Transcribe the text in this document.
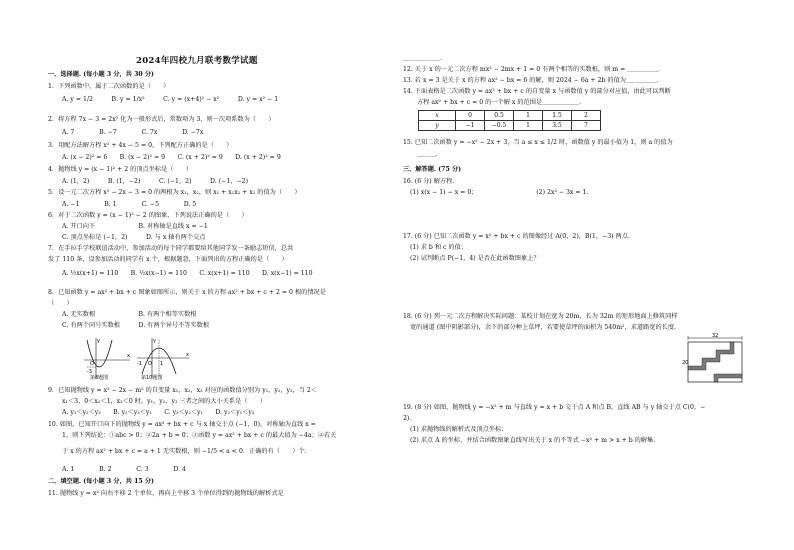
2024年四校九月联考数学试题
一、选择题. (每小题 3 分，共 30 分)
1．下列函数中，属于二次函数的是（　　）
A. y = 1/2　　　B. y = 1/x²　　　C. y = (x+4)² − x²　　　D. y = x² − 1
2．将方程 7x − 3 = 2x² 化为一般形式后，常数项为 3，则一次项系数为（　　）
A. 7　　　　B. −7　　　　C. 7x　　　　D. −7x
3．用配方法解方程 x² + 4x − 5 = 0，下列配方正确的是（　　）
A. (x − 2)² = 6　　B. (x − 2)² = 9　　C. (x + 2)² = 9　　D. (x + 2)² = 9
4．抛物线 y = (x − 1)² + 2 的顶点坐标是（　　）
A. (1，2)　　　B. (1，−2)　　　C. (−1，2)　　　D. (−1，−2)
5．设一元二次方程 x² − 2x − 3 = 0 的两根为 x₁，x₂，则 x₁ + x₁x₂ + x₂ 的值为（　　）
A. −1　　　　B. 1　　　　C. −5　　　　D. 5
6．对于二次函数 y = (x − 1)² − 2 的图象，下列说法正确的是（　　）
A. 开口向下　　　　　　　B. 对称轴是直线 x = −1
C. 顶点坐标是 (−1，2)　　　D. 与 x 轴有两个交点
7．在手拉手学校联谊活动中，参加活动的每个同学都要给其他同学发一条励志短信，总共
发了 110 条，设参加活动的同学有 x 个，根据题意，下面列出的方程正确的是（　　）
A. ½x(x+1) = 110　　B. ½x(x−1) = 110　　C. x(x+1) = 110　　D. x(x−1) = 110
8．已知函数 y = ax² + bx + c 图象如图所示，则关于 x 的方程 ax² + bx + c + 2 = 0 根的情况是
（　　）
A. 无实数根　　　　　　　B. 有两个相等实数根
C. 有两个同号实数根　　　D. 有两个异号不等实数根
y
x
O
-3
第8题图
y
x
-1 O 1
第10题图
9．已知抛物线 y = x² − 2x − m² 的自变量 x₁，x₂，x₃ 对应的函数值分别为 y₁，y₂，y₃，当 2＜
x₁＜3，0＜x₂＜1，x₃＜0 时，y₁，y₂，y₃ 三者之间的大小关系是（　　）
A. y₁＜y₂＜y₃　　B. y₂＜y₃＜y₁　　C. y₃＜y₂＜y₁　　D. y₂＜y₁＜y₃
10. 如图，已知开口向下的抛物线 y = ax² + bx + c 与 x 轴交于点 (−1，0)，对称轴为直线 x =
1，则下列结论：①abc > 0；②2a + b = 0；③函数 y = ax² + bx + c 的最大值为 −4a；④若关
于 x 的方程 ax² + bx + c = a + 1 无实数根，则 −1/5 < a < 0．正确的有（　　）个．
A. 1　　　　B. 2　　　　C. 3　　　　D. 4
二、填空题. (每小题 3 分，共 15 分)
11. 抛物线 y = x² 向右平移 2 个单位，再向上平移 3 个单位得到的抛物线的解析式是
＿＿＿＿＿＿．
12. 关于 x 的一元二次方程 mx² − 2mx + 1 = 0 有两个相等的实数根，则 m = ＿＿＿＿＿．
13. 若 x = 3 是关于 x 的方程 ax² − bx = 6 的解，则 2024 − 6a + 2b 的值为＿＿＿＿＿．
14. 下面表格是二次函数 y = ax² + bx + c 的自变量 x 与函数值 y 的部分对应值，由此可以判断
方程 ax² + bx + c = 0 的一个解 x 的范围是＿＿＿＿＿＿．
x	0	0.5	1	1.5	2
y	−1	−0.5	1	3.5	7
15. 已知二次函数 y = −x² − 2x + 3，当 a ≤ x ≤ 1/2 时，函数值 y 的最小值为 1，则 a 的值为
＿＿＿．
三、解答题. (75 分)
16. (6 分) 解方程.
(1) x(x − 1) − x = 0；　　　　　　　　　　(2) 2x² − 3x = 1.
17. (6 分) 已知二次函数 y = x² + bx + c 的图像经过 A(0，2)，B(1，−3) 两点.
(1) 求 b 和 c 的值；
(2) 试判断点 P(−1，4) 是否在此函数图象上？
18. (6 分) 列一元二次方程解决实际问题：某校计划在宽为 20m，长为 32m 的矩形地面上修筑同样
宽的通道 (图中阴影部分)，余下的部分种上草坪，若要使草坪的面积为 540m²，求道路宽的长度.
32
20
19. (8 分) 如图，抛物线 y = −x² + m 与直线 y = x + b 交于点 A 和点 B，直线 AB 与 y 轴交于点 C(0，−
2)．
(1) 求抛物线的解析式及顶点坐标；
(2) 求点 A 的坐标，并结合函数图象直线写出关于 x 的不等式 −x² + m > x + b 的解集.
